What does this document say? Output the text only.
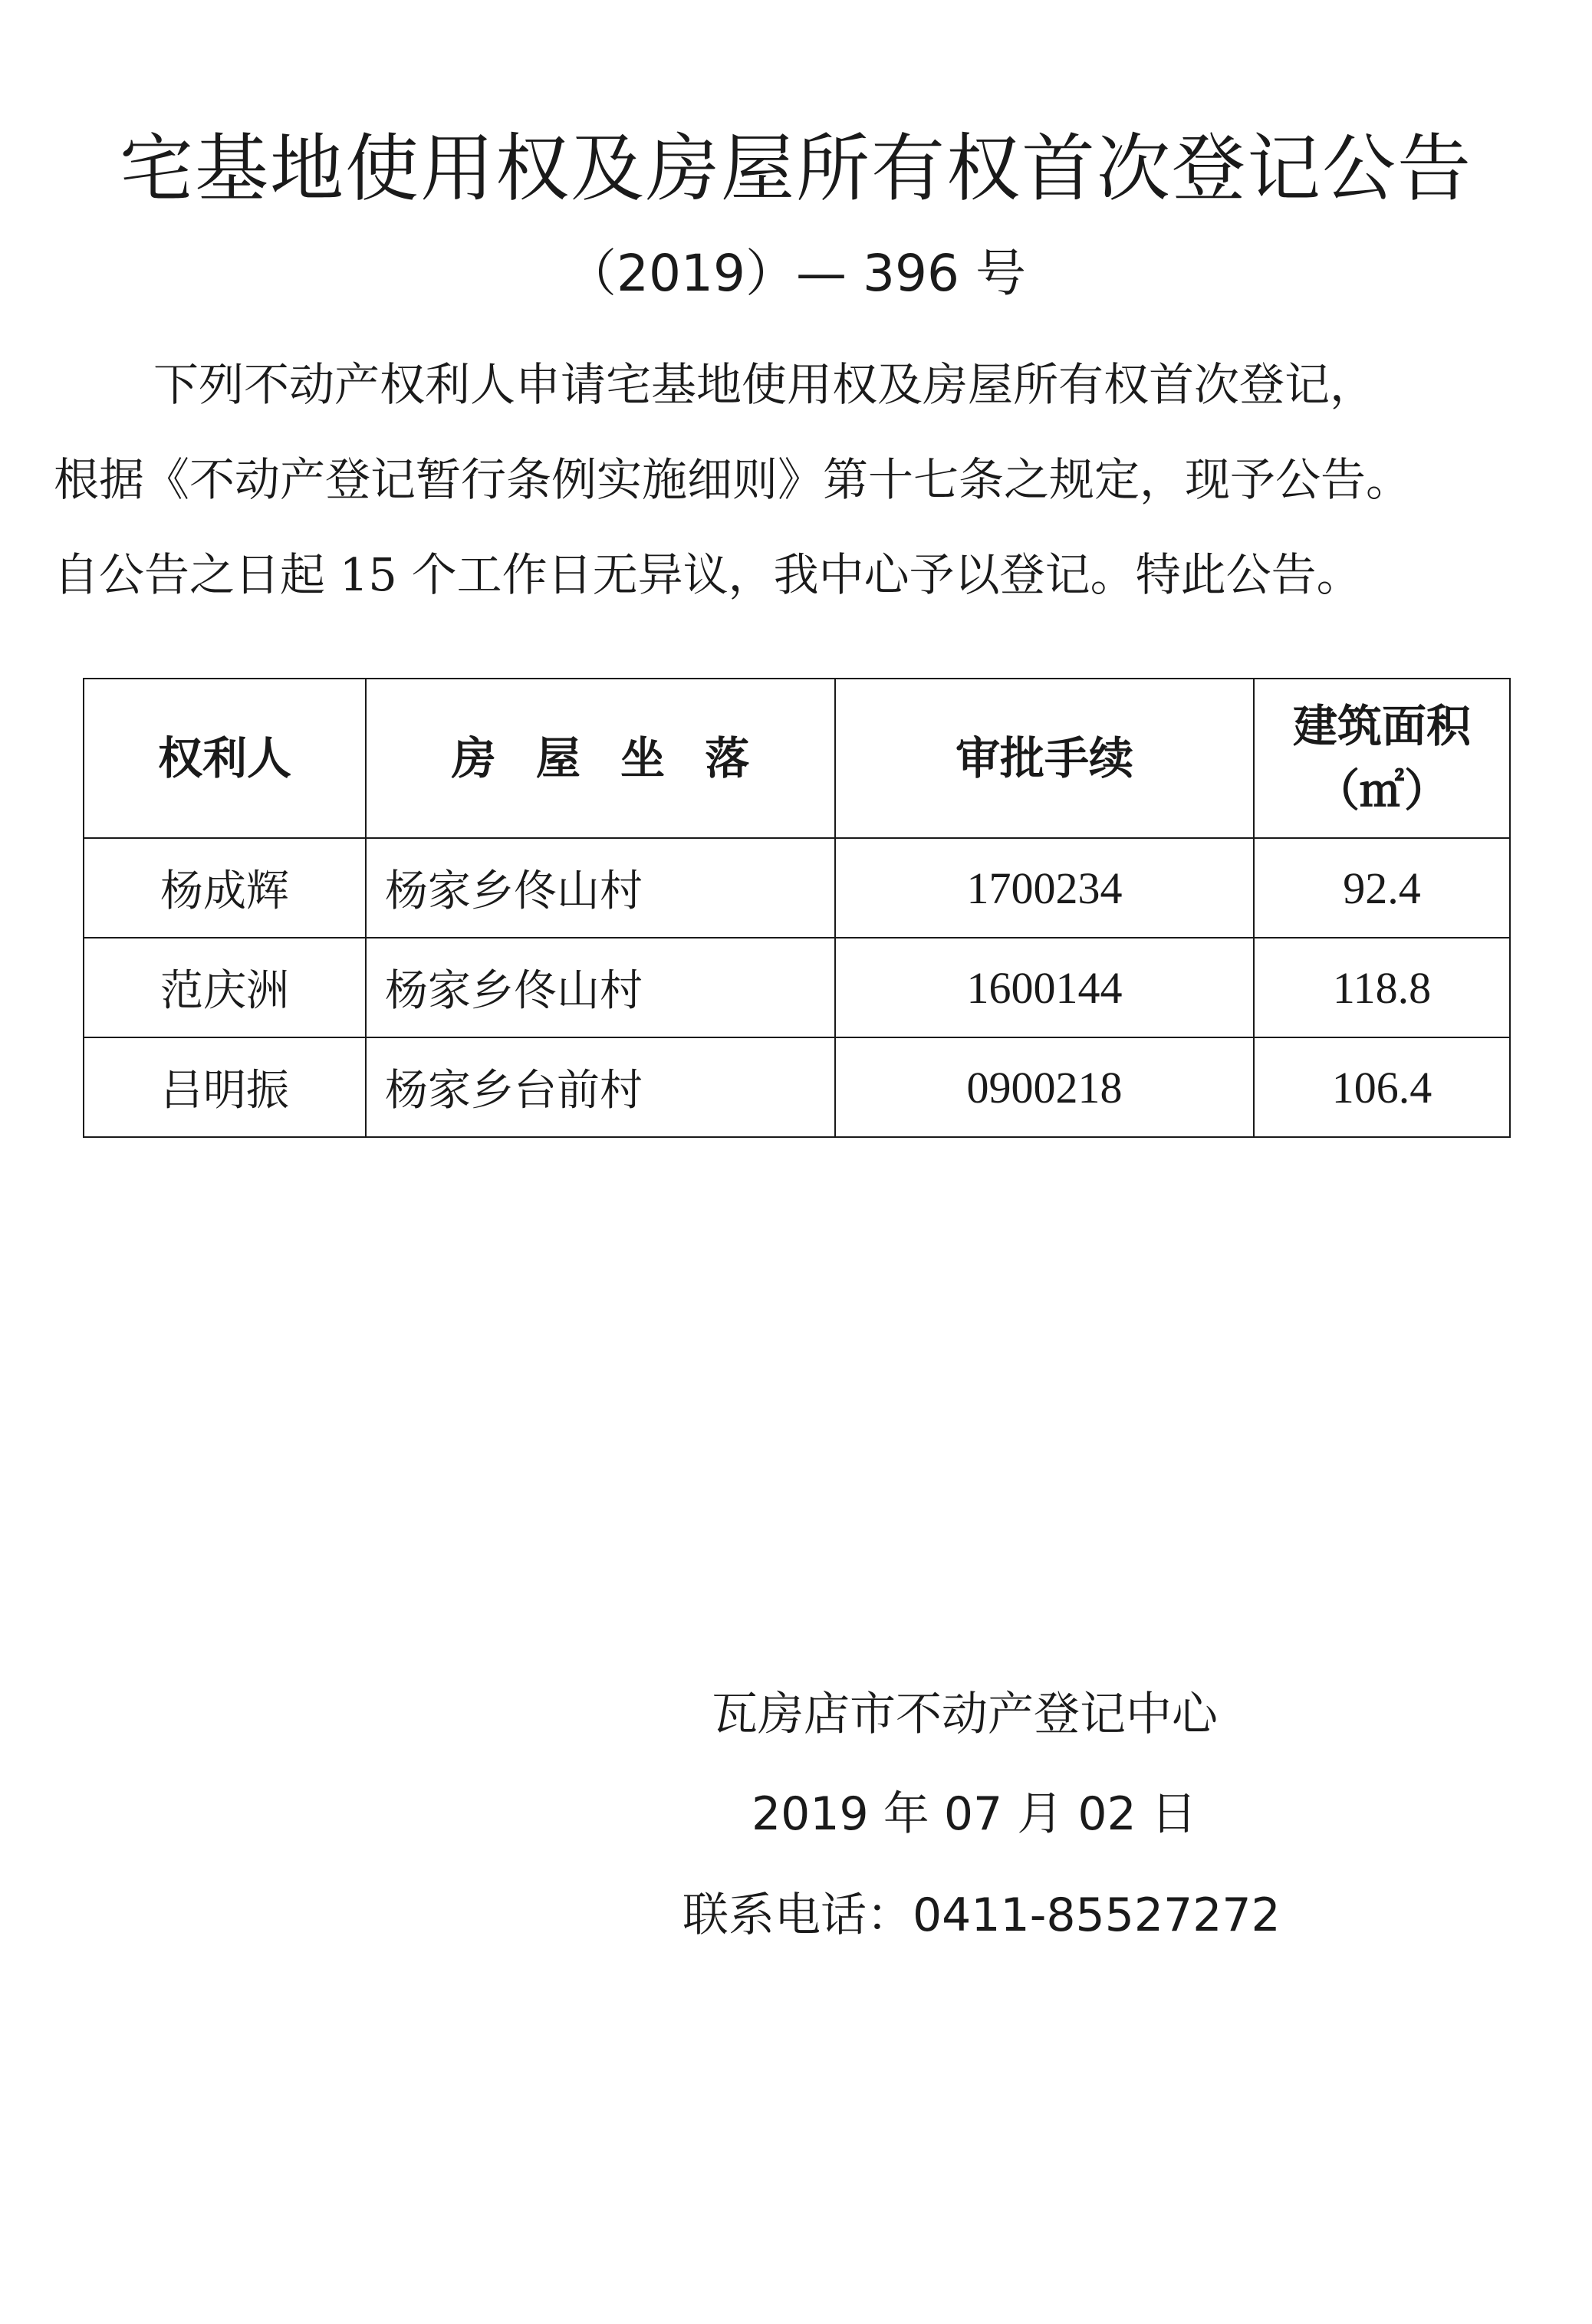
宅基地使用权及房屋所有权首次登记公告
（2019）— 396 号
下列不动产权利人申请宅基地使用权及房屋所有权首次登记，
根据《不动产登记暂行条例实施细则》第十七条之规定，现予公告。
自公告之日起 15 个工作日无异议，我中心予以登记。特此公告。
权利人	房屋坐落	审批手续	建筑面积
（㎡）

杨成辉	杨家乡佟山村	1700234	92.4
范庆洲	杨家乡佟山村	1600144	118.8
吕明振	杨家乡台前村	0900218	106.4
瓦房店市不动产登记中心
2019 年 07 月 02 日
联系电话：0411-85527272
